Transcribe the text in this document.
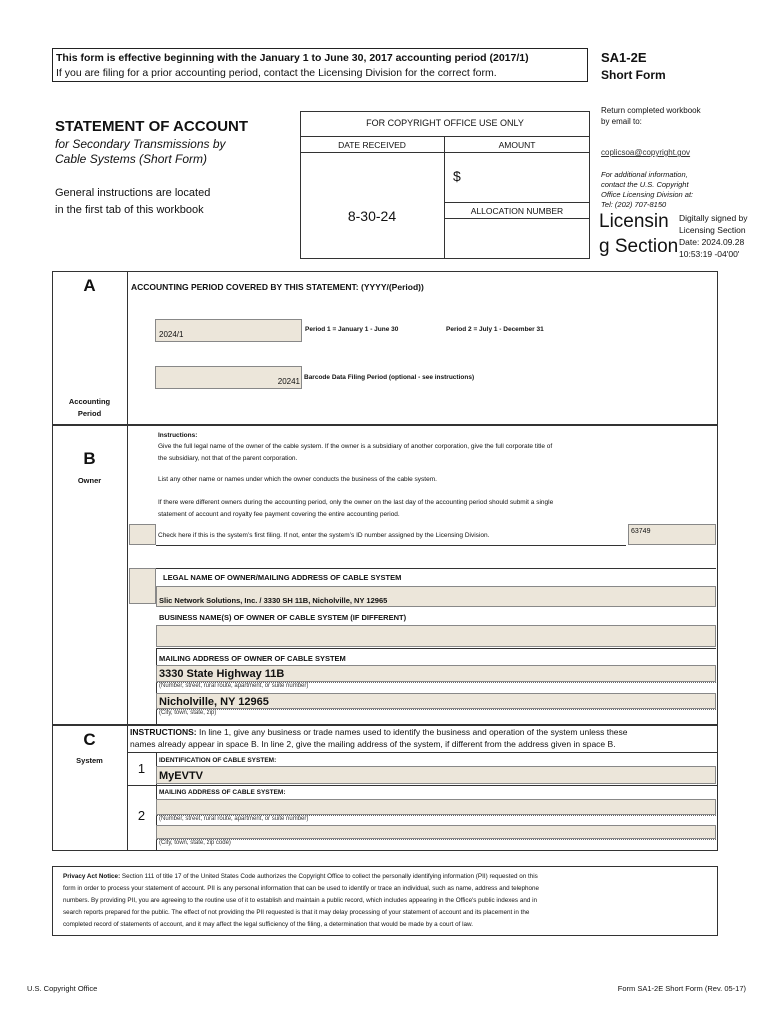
This form is effective beginning with the January 1 to June 30, 2017 accounting period (2017/1)
If you are filing for a prior accounting period, contact the Licensing Division for the correct form.
SA1-2E
Short Form
STATEMENT OF ACCOUNT
for Secondary Transmissions by
Cable Systems (Short Form)
General instructions are located
in the first tab of this workbook
FOR COPYRIGHT OFFICE USE ONLY
DATE RECEIVED	AMOUNT
$
8-30-24	ALLOCATION NUMBER
Return completed workbook
by email to:
coplicsoa@copyright.gov
For additional information,
contact the U.S. Copyright
Office Licensing Division at:
Tel: (202) 707-8150
Licensin
g Section
Digitally signed by
Licensing Section
Date: 2024.09.28
10:53:19 -04'00'
A
Accounting
Period
ACCOUNTING PERIOD COVERED BY THIS STATEMENT: (YYYY/(Period))
2024/1
Period 1 = January 1 - June 30	Period 2 = July 1 - December 31
20241 Barcode Data Filing Period (optional - see instructions)
B
Owner
Instructions:
Give the full legal name of the owner of the cable system. If the owner is a subsidiary of another corporation, give the full corporate title of
the subsidiary, not that of the parent corporation.
List any other name or names under which the owner conducts the business of the cable system.
If there were different owners during the accounting period, only the owner on the last day of the accounting period should submit a single
statement of account and royalty fee payment covering the entire accounting period.
Check here if this is the system’s first filing. If not, enter the system’s ID number assigned by the Licensing Division.
63749
LEGAL NAME OF OWNER/MAILING ADDRESS OF CABLE SYSTEM
Slic Network Solutions, Inc. / 3330 SH 11B, Nicholville, NY 12965
BUSINESS NAME(S) OF OWNER OF CABLE SYSTEM (IF DIFFERENT)
MAILING ADDRESS OF OWNER OF CABLE SYSTEM
3330 State Highway 11B
(Number, street, rural route, apartment, or suite number)
Nicholville, NY 12965
(City, town, state, zip)
C
System
INSTRUCTIONS: In line 1, give any business or trade names used to identify the business and operation of the system unless these
names already appear in space B. In line 2, give the mailing address of the system, if different from the address given in space B.
1
IDENTIFICATION OF CABLE SYSTEM:
MyEVTV
2
MAILING ADDRESS OF CABLE SYSTEM:
(Number, street, rural route, apartment, or suite number)
(City, town, state, zip code)
Privacy Act Notice: Section 111 of title 17 of the United States Code authorizes the Copyright Office to collect the personally identifying information (PII) requested on this
form in order to process your statement of account. PII is any personal information that can be used to identify or trace an individual, such as name, address and telephone
numbers. By providing PII, you are agreeing to the routine use of it to establish and maintain a public record, which includes appearing in the Office's public indexes and in
search reports prepared for the public. The effect of not providing the PII requested is that it may delay processing of your statement of account and its placement in the
completed record of statements of account, and it may affect the legal sufficiency of the filing, a determination that would be made by a court of law.
U.S. Copyright Office	Form SA1-2E Short Form (Rev. 05-17)
